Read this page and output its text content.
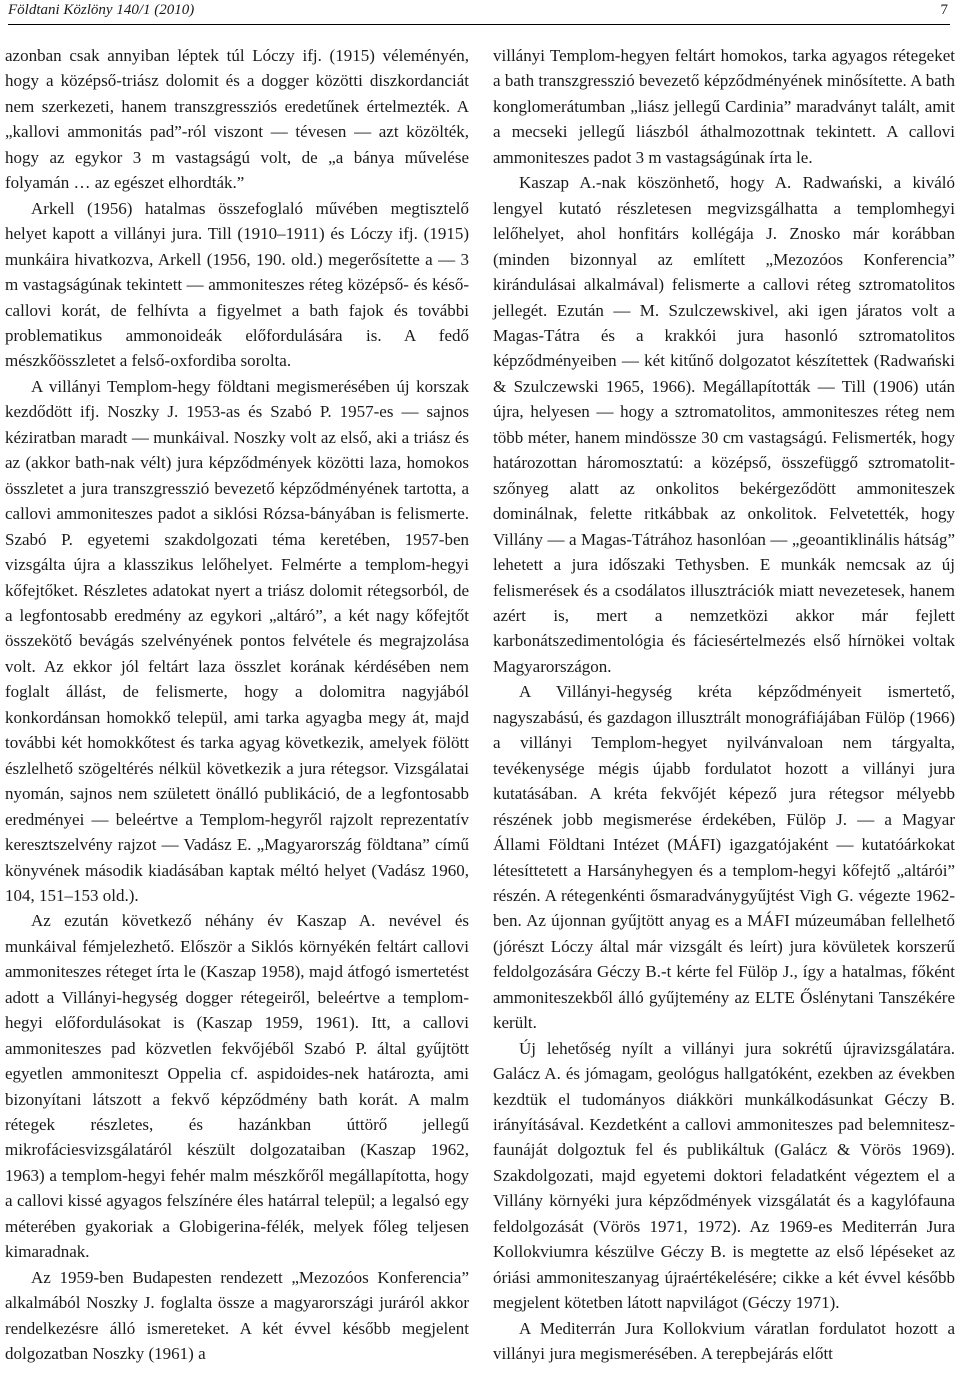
Földtani Közlöny 140/1 (2010)	7

azonban csak annyiban léptek túl Lóczy ifj. (1915) véleményén, hogy a középső-triász dolomit és a dogger közötti diszkordanciát nem szerkezeti, hanem transzgressziós eredetűnek értelmezték. A „kallovi ammonitás pad”-ról viszont — tévesen — azt közölték, hogy az egykor 3 m vastagságú volt, de „a bánya művelése folyamán … az egészet elhordták.”

Arkell (1956) hatalmas összefoglaló művében megtisztelő helyet kapott a villányi jura. Till (1910–1911) és Lóczy ifj. (1915) munkáira hivatkozva, Arkell (1956, 190. old.) megerősítette a — 3 m vastagságúnak tekintett — ammoniteszes réteg középső- és késő-callovi korát, de felhívta a figyelmet a bath fajok és további problematikus ammonoideák előfordulására is. A fedő mészkőösszletet a felső-oxfordiba sorolta.

A villányi Templom-hegy földtani megismerésében új korszak kezdődött ifj. Noszky J. 1953-as és Szabó P. 1957-es — sajnos kéziratban maradt — munkáival. Noszky volt az első, aki a triász és az (akkor bath-nak vélt) jura képződmények közötti laza, homokos összletet a jura transzgresszió bevezető képződményének tartotta, a callovi ammoniteszes padot a siklósi Rózsa-bányában is felismerte. Szabó P. egyetemi szakdolgozati téma keretében, 1957-ben vizsgálta újra a klasszikus lelőhelyet. Felmérte a templom-hegyi kőfejtőket. Részletes adatokat nyert a triász dolomit rétegsorból, de a legfontosabb eredmény az egykori „altáró”, a két nagy kőfejtőt összekötő bevágás szelvényének pontos felvétele és megrajzolása volt. Az ekkor jól feltárt laza összlet korának kérdésében nem foglalt állást, de felismerte, hogy a dolomitra nagyjából konkordánsan homokkő települ, ami tarka agyagba megy át, majd további két homokkőtest és tarka agyag következik, amelyek fölött észlelhető szögeltérés nélkül következik a jura rétegsor. Vizsgálatai nyomán, sajnos nem született önálló publikáció, de a legfontosabb eredményei — beleértve a Templom-hegyről rajzolt reprezentatív keresztszelvény rajzot — Vadász E. „Magyarország földtana” című könyvének második kiadásában kaptak méltó helyet (Vadász 1960, 104, 151–153 old.).

Az ezután következő néhány év Kaszap A. nevével és munkáival fémjelezhető. Először a Siklós környékén feltárt callovi ammoniteszes réteget írta le (Kaszap 1958), majd átfogó ismertetést adott a Villányi-hegység dogger rétegeiről, beleértve a templom-hegyi előfordulásokat is (Kaszap 1959, 1961). Itt, a callovi ammoniteszes pad közvetlen fekvőjéből Szabó P. által gyűjtött egyetlen ammoniteszt Oppelia cf. aspidoides-nek határozta, ami bizonyítani látszott a fekvő képződmény bath korát. A malm rétegek részletes, és hazánkban úttörő jellegű mikrofáciesvizsgálatáról készült dolgozataiban (Kaszap 1962, 1963) a templom-hegyi fehér malm mészkőről megállapította, hogy a callovi kissé agyagos felszínére éles határral települ; a legalsó egy méterében gyakoriak a Globigerina-félék, melyek főleg teljesen kimaradnak.

Az 1959-ben Budapesten rendezett „Mezozóos Konferencia” alkalmából Noszky J. foglalta össze a magyarországi juráról akkor rendelkezésre álló ismereteket. A két évvel később megjelent dolgozatban Noszky (1961) a

villányi Templom-hegyen feltárt homokos, tarka agyagos rétegeket a bath transzgresszió bevezető képződményének minősítette. A bath konglomerátumban „liász jellegű Cardinia” maradványt talált, amit a mecseki jellegű liászból áthalmozottnak tekintett. A callovi ammoniteszes padot 3 m vastagságúnak írta le.

Kaszap A.-nak köszönhető, hogy A. Radwański, a kiváló lengyel kutató részletesen megvizsgálhatta a templomhegyi lelőhelyet, ahol honfitárs kollégája J. Znosko már korábban (minden bizonnyal az említett „Mezozóos Konferencia” kirándulásai alkalmával) felismerte a callovi réteg sztromatolitos jellegét. Ezután — M. Szulczewskivel, aki igen járatos volt a Magas-Tátra és a krakkói jura hasonló sztromatolitos képződményeiben — két kitűnő dolgozatot készítettek (Radwański & Szulczewski 1965, 1966). Megállapították — Till (1906) után újra, helyesen — hogy a sztromatolitos, ammoniteszes réteg nem több méter, hanem mindössze 30 cm vastagságú. Felismerték, hogy határozottan háromosztatú: a középső, összefüggő sztromatolit-szőnyeg alatt az onkolitos bekérgeződött ammoniteszek dominálnak, felette ritkábbak az onkolitok. Felvetették, hogy Villány — a Magas-Tátrához hasonlóan — „geoantiklinális hátság” lehetett a jura időszaki Tethysben. E munkák nemcsak az új felismerések és a csodálatos illusztrációk miatt nevezetesek, hanem azért is, mert a nemzetközi akkor már fejlett karbonátszedimentológia és fáciesértelmezés első hírnökei voltak Magyarországon.

A Villányi-hegység kréta képződményeit ismertető, nagyszabású, és gazdagon illusztrált monográfiájában Fülöp (1966) a villányi Templom-hegyet nyilvánvaloan nem tárgyalta, tevékenysége mégis újabb fordulatot hozott a villányi jura kutatásában. A kréta fekvőjét képező jura rétegsor mélyebb részének jobb megismerése érdekében, Fülöp J. — a Magyar Állami Földtani Intézet (MÁFI) igazgatójaként — kutatóárkokat létesíttetett a Harsányhegyen és a templom-hegyi kőfejtő „altárói” részén. A rétegenkénti ősmaradványgyűjtést Vigh G. végezte 1962-ben. Az újonnan gyűjtött anyag es a MÁFI múzeumában fellelhető (jórészt Lóczy által már vizsgált és leírt) jura kövületek korszerű feldolgozására Géczy B.-t kérte fel Fülöp J., így a hatalmas, főként ammoniteszekből álló gyűjtemény az ELTE Őslénytani Tanszékére került.

Új lehetőség nyílt a villányi jura sokrétű újravizsgálatára. Galácz A. és jómagam, geológus hallgatóként, ezekben az években kezdtük el tudományos diákköri munkálkodásunkat Géczy B. irányításával. Kezdetként a callovi ammoniteszes pad belemnitesz-faunáját dolgoztuk fel és publikáltuk (Galácz & Vörös 1969). Szakdolgozati, majd egyetemi doktori feladatként végeztem el a Villány környéki jura képződmények vizsgálatát és a kagylófauna feldolgozását (Vörös 1971, 1972). Az 1969-es Mediterrán Jura Kollokviumra készülve Géczy B. is megtette az első lépéseket az óriási ammoniteszanyag újraértékelésére; cikke a két évvel később megjelent kötetben látott napvilágot (Géczy 1971).

A Mediterrán Jura Kollokvium váratlan fordulatot hozott a villányi jura megismerésében. A terepbejárás előtt
